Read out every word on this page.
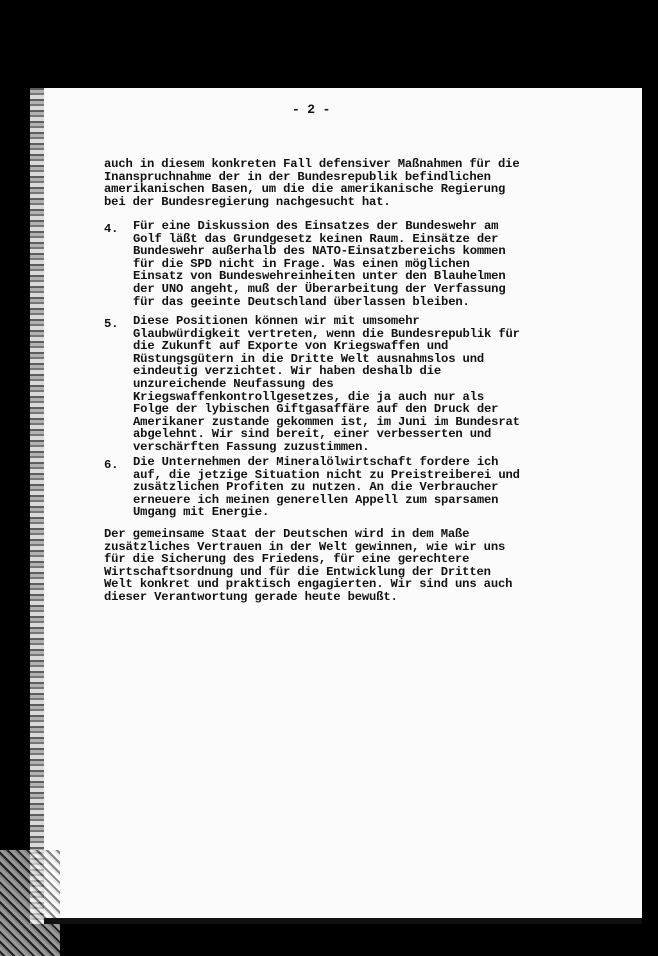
- 2 -
auch in diesem konkreten Fall defensiver Maßnahmen für die
Inanspruchnahme der in der Bundesrepublik befindlichen
amerikanischen Basen, um die die amerikanische Regierung
bei der Bundesregierung nachgesucht hat.
4. Für eine Diskussion des Einsatzes der Bundeswehr am
Golf läßt das Grundgesetz keinen Raum. Einsätze der
Bundeswehr außerhalb des NATO-Einsatzbereichs kommen
für die SPD nicht in Frage. Was einen möglichen
Einsatz von Bundeswehreinheiten unter den Blauhelmen
der UNO angeht, muß der Überarbeitung der Verfassung
für das geeinte Deutschland überlassen bleiben.
5. Diese Positionen können wir mit umsomehr
Glaubwürdigkeit vertreten, wenn die Bundesrepublik für
die Zukunft auf Exporte von Kriegswaffen und
Rüstungsgütern in die Dritte Welt ausnahmslos und
eindeutig verzichtet. Wir haben deshalb die
unzureichende Neufassung des
Kriegswaffenkontrollgesetzes, die ja auch nur als
Folge der lybischen Giftgasaffäre auf den Druck der
Amerikaner zustande gekommen ist, im Juni im Bundesrat
abgelehnt. Wir sind bereit, einer verbesserten und
verschärften Fassung zuzustimmen.
6. Die Unternehmen der Mineralölwirtschaft fordere ich
auf, die jetzige Situation nicht zu Preistreiberei und
zusätzlichen Profiten zu nutzen. An die Verbraucher
erneuere ich meinen generellen Appell zum sparsamen
Umgang mit Energie.
Der gemeinsame Staat der Deutschen wird in dem Maße
zusätzliches Vertrauen in der Welt gewinnen, wie wir uns
für die Sicherung des Friedens, für eine gerechtere
Wirtschaftsordnung und für die Entwicklung der Dritten
Welt konkret und praktisch engagierten. Wir sind uns auch
dieser Verantwortung gerade heute bewußt.
